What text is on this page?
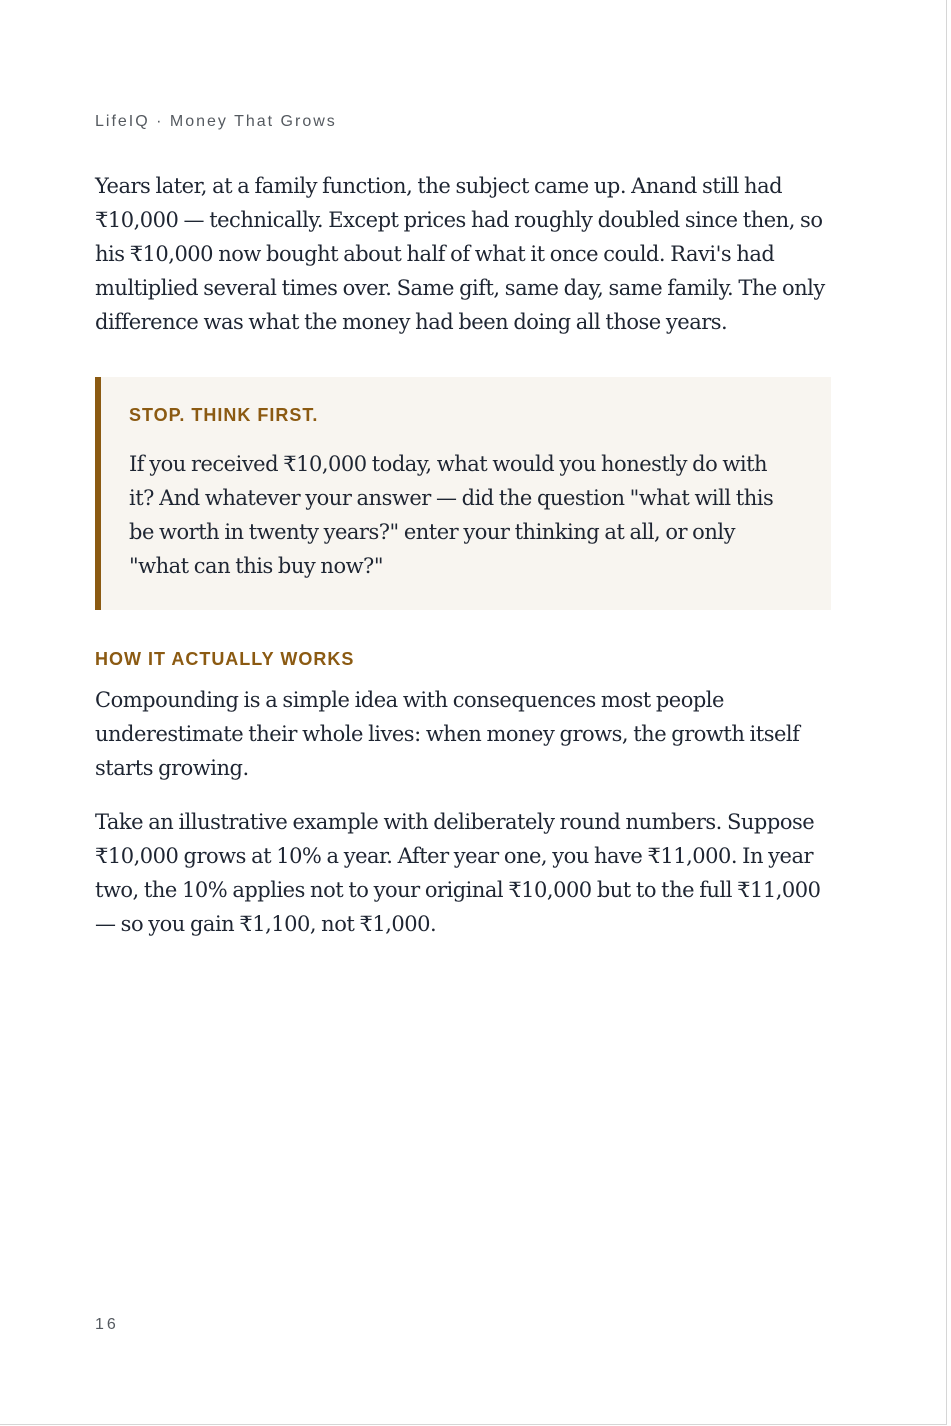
LifeIQ · Money That Grows

Years later, at a family function, the subject came up. Anand still had ₹10,000 — technically. Except prices had roughly doubled since then, so his ₹10,000 now bought about half of what it once could. Ravi's had multiplied several times over. Same gift, same day, same family. The only difference was what the money had been doing all those years.

STOP. THINK FIRST.

If you received ₹10,000 today, what would you honestly do with it? And whatever your answer — did the question "what will this be worth in twenty years?" enter your thinking at all, or only "what can this buy now?"

HOW IT ACTUALLY WORKS

Compounding is a simple idea with consequences most people underestimate their whole lives: when money grows, the growth itself starts growing.

Take an illustrative example with deliberately round numbers. Suppose ₹10,000 grows at 10% a year. After year one, you have ₹11,000. In year two, the 10% applies not to your original ₹10,000 but to the full ₹11,000 — so you gain ₹1,100, not ₹1,000.

16
